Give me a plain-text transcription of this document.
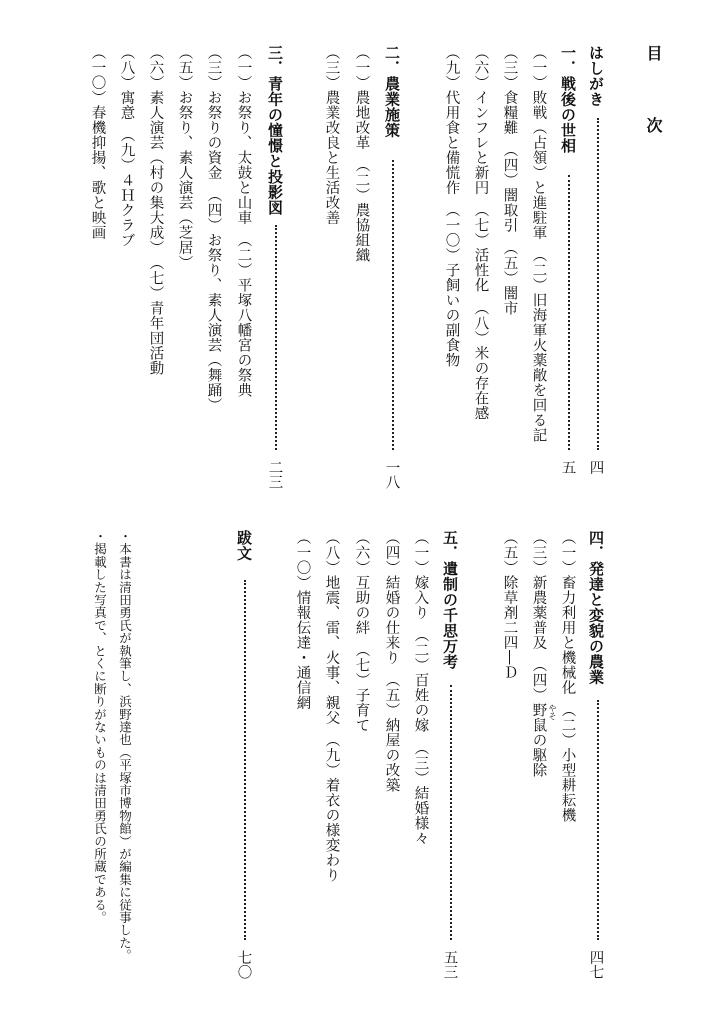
目　次
はしがき
四
一．戦後の世相
五
（一）敗戦（占領）と進駐軍　（二）旧海軍火薬敞を回る記
（三）食糧難　（四）闇取引　（五）闇市
（六）インフレと新円　（七）活性化　（八）米の存在感
（九）代用食と備慌作　（一〇）子飼いの副食物
二．農業施策
一八
（一）農地改革　（二）農協組織
（三）農業改良と生活改善
三．青年の憧憬と投影図
二三
（一）お祭り、太鼓と山車　（二）平塚八幡宮の祭典
（三）お祭りの資金　（四）お祭り、素人演芸（舞踊）
（五）お祭り、素人演芸（芝居）
（六）素人演芸（村の集大成）　（七）青年団活動
（八）寓意　（九）４Ｈクラブ
（一〇）春機抑揚、歌と映画
四．発達と変貌の農業
四七
（一）畜力利用と機械化　（二）小型耕耘機
やそ
（三）新農薬普及　（四）野鼠の駆除
（五）除草剤二四―Ｄ
五．遺制の千思万考
五三
（一）嫁入り　（二）百姓の嫁　（三）結婚様々
（四）結婚の仕来り　（五）納屋の改築
（六）互助の絆　（七）子育て
（八）地震、雷、火事、親父　（九）着衣の様変わり
（一〇）情報伝達・通信網
跋文
七〇
・本書は清田勇氏が執筆し、浜野達也（平塚市博物館）が編集に従事した。
・掲載した写真で、とくに断りがないものは清田勇氏の所蔵である。
